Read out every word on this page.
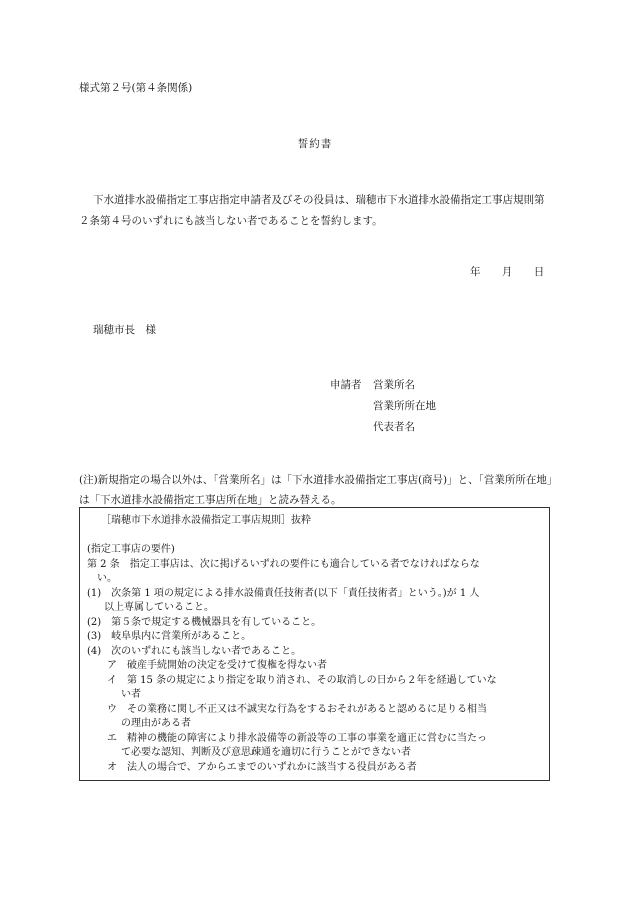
様式第２号(第４条関係)
誓約書
下水道排水設備指定工事店指定申請者及びその役員は、瑞穂市下水道排水設備指定工事店規則第２条第４号のいずれにも該当しない者であることを誓約します。
年 月 日
瑞穂市長　様
申請者 営業所名
営業所所在地
代表者名
(注)新規指定の場合以外は、「営業所名」は「下水道排水設備指定工事店(商号)」と、「営業所所在地」は「下水道排水設備指定工事店所在地」と読み替える。
［瑞穂市下水道排水設備指定工事店規則］抜粋
(指定工事店の要件)
第 2 条　指定工事店は、次に掲げるいずれの要件にも適合している者でなければならな
い。
(1)　次条第 1 項の規定による排水設備責任技術者(以下「責任技術者」という。)が 1 人
以上専属していること。
(2)　第５条で規定する機械器具を有していること。
(3)　岐阜県内に営業所があること。
(4)　次のいずれにも該当しない者であること。
ア　破産手続開始の決定を受けて復権を得ない者
イ　第 15 条の規定により指定を取り消され、その取消しの日から２年を経過していな
い者
ウ　その業務に関し不正又は不誠実な行為をするおそれがあると認めるに足りる相当
の理由がある者
エ　精神の機能の障害により排水設備等の新設等の工事の事業を適正に営むに当たっ
て必要な認知、判断及び意思疎通を適切に行うことができない者
オ　法人の場合で、アからエまでのいずれかに該当する役員がある者
